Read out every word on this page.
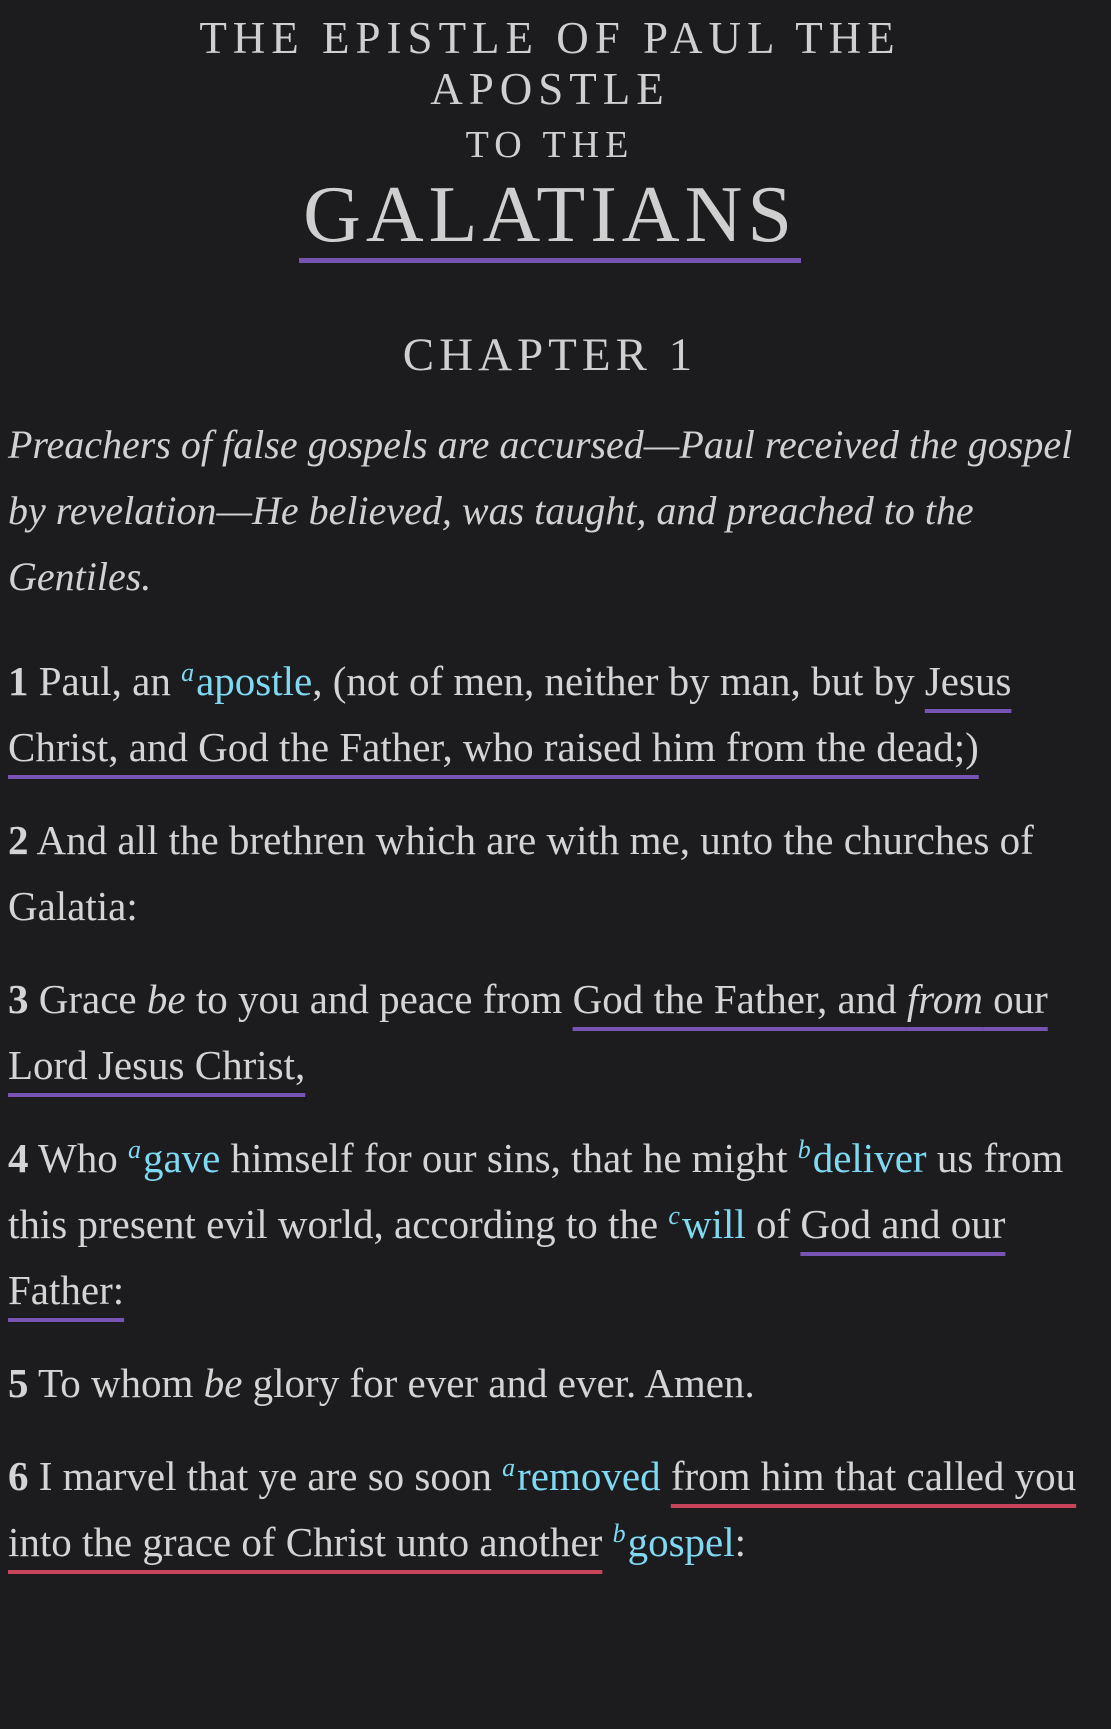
THE EPISTLE OF PAUL THE
APOSTLE
TO THE
GALATIANS
CHAPTER 1
Preachers of false gospels are accursed—Paul received the gospel by revelation—He believed, was taught, and preached to the Gentiles.

1 Paul, an $^a$apostle, (not of men, neither by man, but by Jesus Christ, and God the Father, who raised him from the dead;)

2 And all the brethren which are with me, unto the churches of Galatia:

3 Grace be to you and peace from God the Father, and from our Lord Jesus Christ,

4 Who $^a$gave himself for our sins, that he might $^b$deliver us from this present evil world, according to the $^c$will of God and our Father:

5 To whom be glory for ever and ever. Amen.

6 I marvel that ye are so soon $^a$removed from him that called you into the grace of Christ unto another $^b$gospel:
